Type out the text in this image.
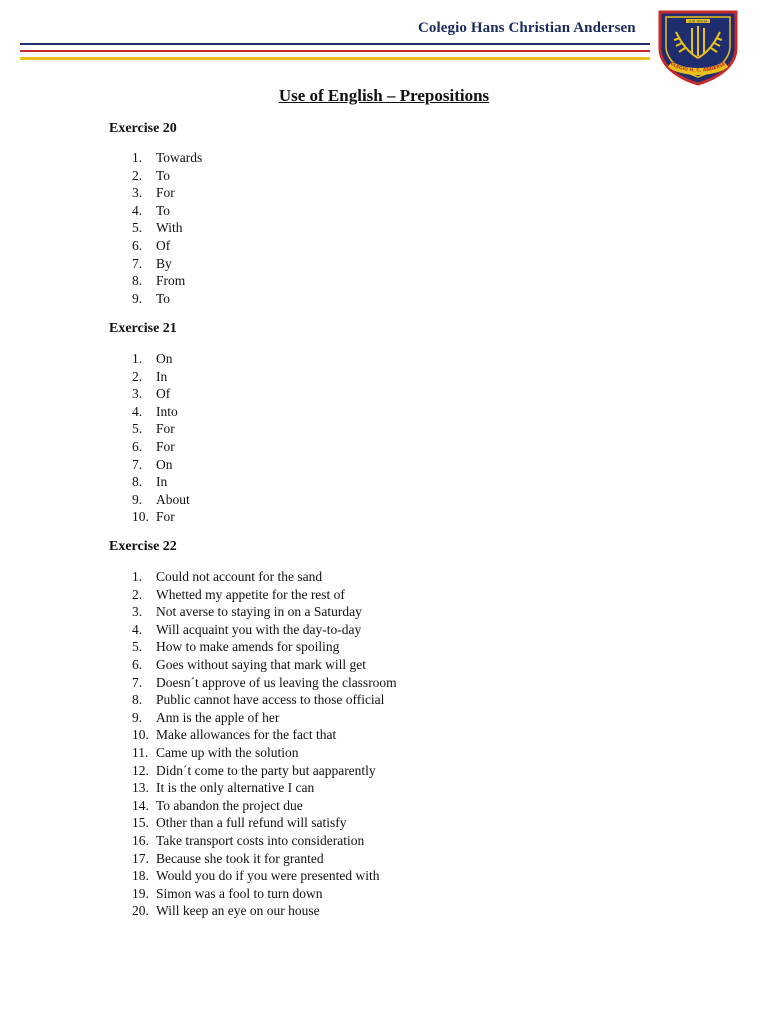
Colegio Hans Christian Andersen	LUX VOCIA
OLEGIO H. C. ANDERSE
Use of English – Prepositions
Exercise 20
1. Towards
2. To
3. For
4. To
5. With
6. Of
7. By
8. From
9. To
Exercise 21
1. On
2. In
3. Of
4. Into
5. For
6. For
7. On
8. In
9. About
10. For
Exercise 22
1. Could not account for the sand
2. Whetted my appetite for the rest of
3. Not averse to staying in on a Saturday
4. Will acquaint you with the day-to-day
5. How to make amends for spoiling
6. Goes without saying that mark will get
7. Doesn´t approve of us leaving the classroom
8. Public cannot have access to those official
9. Ann is the apple of her
10. Make allowances for the fact that
11. Came up with the solution
12. Didn´t come to the party but aapparently
13. It is the only alternative I can
14. To abandon the project due
15. Other than a full refund will satisfy
16. Take transport costs into consideration
17. Because she took it for granted
18. Would you do if you were presented with
19. Simon was a fool to turn down
20. Will keep an eye on our house
